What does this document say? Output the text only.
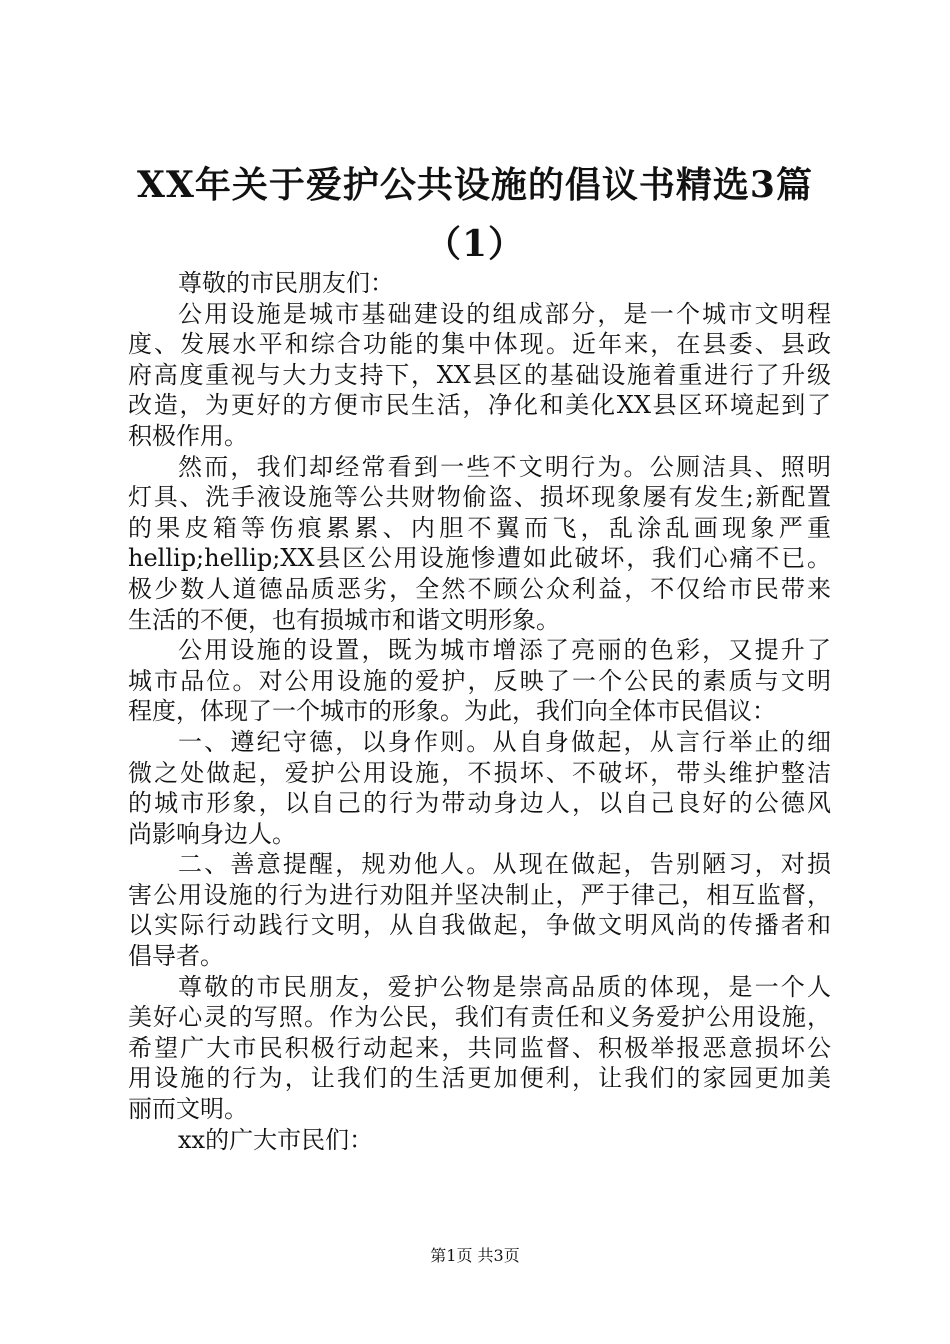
XX年关于爱护公共设施的倡议书精选3篇
（1）
尊敬的市民朋友们：
公用设施是城市基础建设的组成部分，是一个城市文明程
度、发展水平和综合功能的集中体现。近年来，在县委、县政
府高度重视与大力支持下，XX县区的基础设施着重进行了升级
改造，为更好的方便市民生活，净化和美化XX县区环境起到了
积极作用。
然而，我们却经常看到一些不文明行为。公厕洁具、照明
灯具、洗手液设施等公共财物偷盗、损坏现象屡有发生;新配置
的果皮箱等伤痕累累、内胆不翼而飞，乱涂乱画现象严重
hellip;hellip;XX县区公用设施惨遭如此破坏，我们心痛不已。
极少数人道德品质恶劣，全然不顾公众利益，不仅给市民带来
生活的不便，也有损城市和谐文明形象。
公用设施的设置，既为城市增添了亮丽的色彩，又提升了
城市品位。对公用设施的爱护，反映了一个公民的素质与文明
程度，体现了一个城市的形象。为此，我们向全体市民倡议：
一、遵纪守德，以身作则。从自身做起，从言行举止的细
微之处做起，爱护公用设施，不损坏、不破坏，带头维护整洁
的城市形象，以自己的行为带动身边人，以自己良好的公德风
尚影响身边人。
二、善意提醒，规劝他人。从现在做起，告别陋习，对损
害公用设施的行为进行劝阻并坚决制止，严于律己，相互监督，
以实际行动践行文明，从自我做起，争做文明风尚的传播者和
倡导者。
尊敬的市民朋友，爱护公物是崇高品质的体现，是一个人
美好心灵的写照。作为公民，我们有责任和义务爱护公用设施，
希望广大市民积极行动起来，共同监督、积极举报恶意损坏公
用设施的行为，让我们的生活更加便利，让我们的家园更加美
丽而文明。
xx的广大市民们：
第1页 共3页
